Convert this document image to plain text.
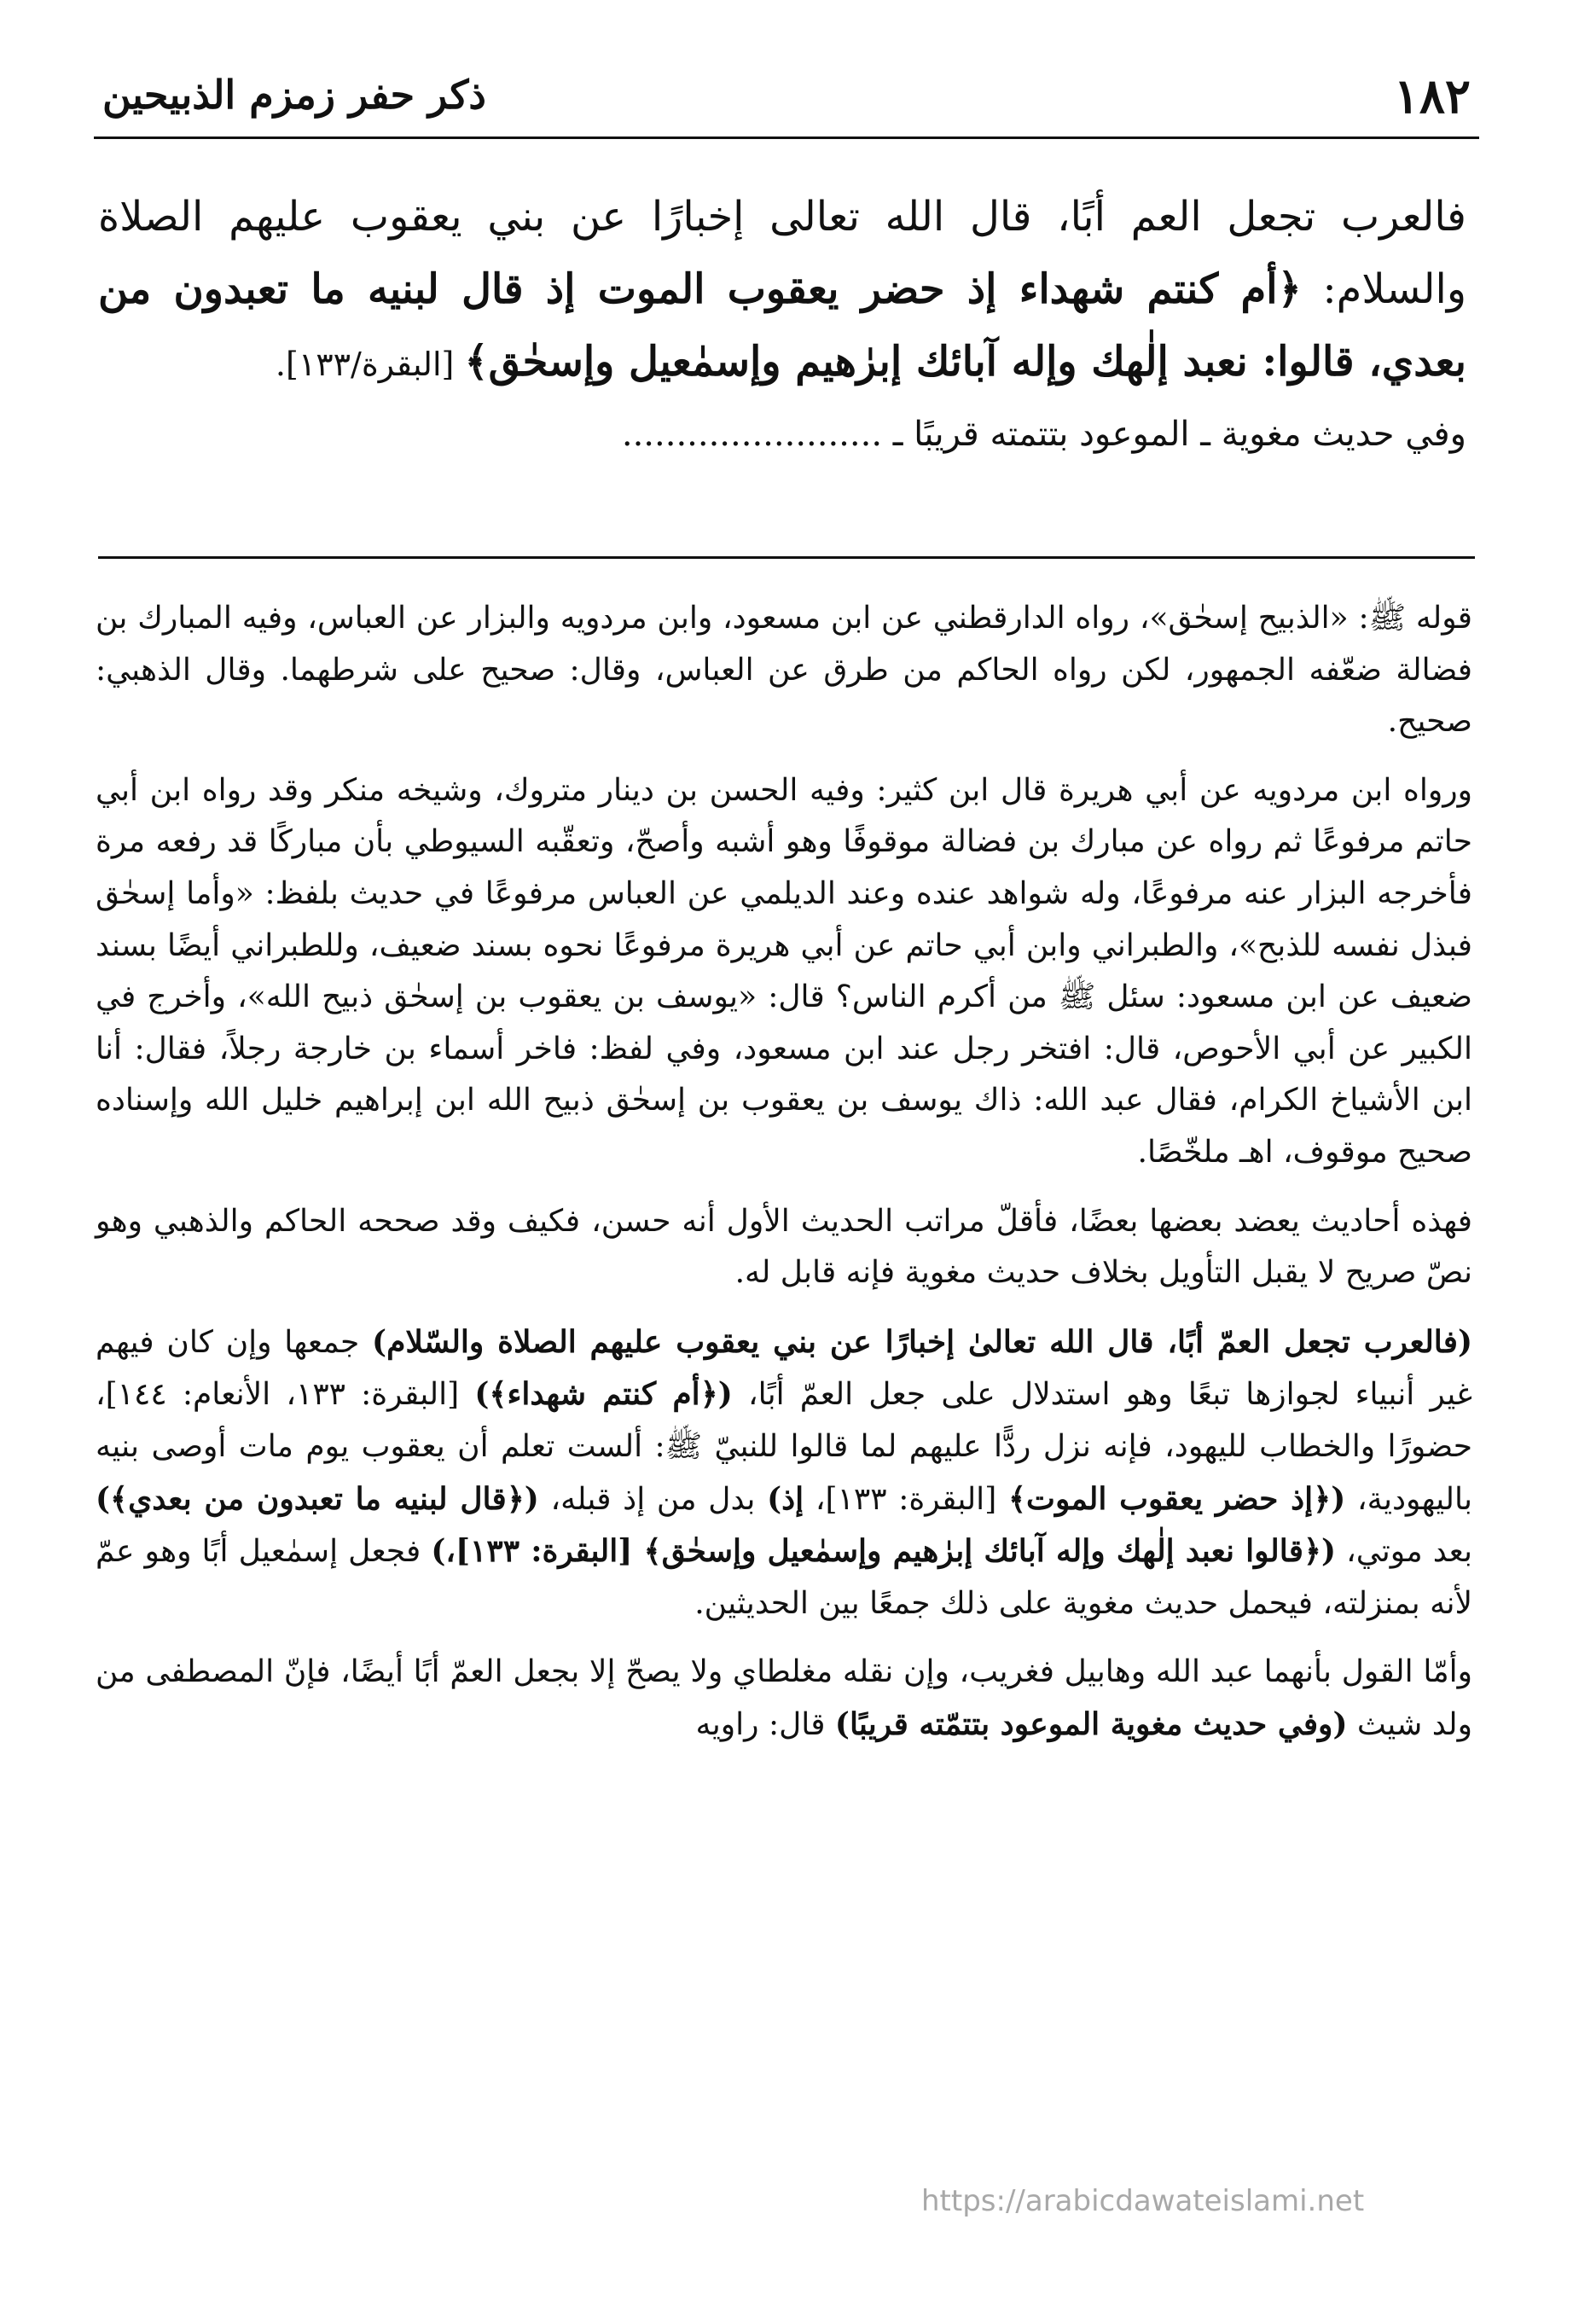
١٨٢
ذكر حفر زمزم الذبيحين

فالعرب تجعل العم أبًا، قال الله تعالى إخبارًا عن بني يعقوب عليهم الصلاة والسلام: ﴿أم كنتم شهداء إذ حضر يعقوب الموت إذ قال لبنيه ما تعبدون من بعدي، قالوا: نعبد إلٰهك وإله آبائك إبرٰهيم وإسمٰعيل وإسحٰق﴾ [البقرة/١٣٣].

وفي حديث مغوية ـ الموعود بتتمته قريبًا ـ ........................

قوله ﷺ: «الذبيح إسحٰق»، رواه الدارقطني عن ابن مسعود، وابن مردويه والبزار عن العباس، وفيه المبارك بن فضالة ضعّفه الجمهور، لكن رواه الحاكم من طرق عن العباس، وقال: صحيح على شرطهما. وقال الذهبي: صحيح.

ورواه ابن مردويه عن أبي هريرة قال ابن كثير: وفيه الحسن بن دينار متروك، وشيخه منكر وقد رواه ابن أبي حاتم مرفوعًا ثم رواه عن مبارك بن فضالة موقوفًا وهو أشبه وأصحّ، وتعقّبه السيوطي بأن مباركًا قد رفعه مرة فأخرجه البزار عنه مرفوعًا، وله شواهد عنده وعند الديلمي عن العباس مرفوعًا في حديث بلفظ: «وأما إسحٰق فبذل نفسه للذبح»، والطبراني وابن أبي حاتم عن أبي هريرة مرفوعًا نحوه بسند ضعيف، وللطبراني أيضًا بسند ضعيف عن ابن مسعود: سئل ﷺ من أكرم الناس؟ قال: «يوسف بن يعقوب بن إسحٰق ذبيح الله»، وأخرج في الكبير عن أبي الأحوص، قال: افتخر رجل عند ابن مسعود، وفي لفظ: فاخر أسماء بن خارجة رجلاً، فقال: أنا ابن الأشياخ الكرام، فقال عبد الله: ذاك يوسف بن يعقوب بن إسحٰق ذبيح الله ابن إبراهيم خليل الله وإسناده صحيح موقوف، اهـ ملخّصًا.

فهذه أحاديث يعضد بعضها بعضًا، فأقلّ مراتب الحديث الأول أنه حسن، فكيف وقد صححه الحاكم والذهبي وهو نصّ صريح لا يقبل التأويل بخلاف حديث مغوية فإنه قابل له.

(فالعرب تجعل العمّ أبًا، قال الله تعالىٰ إخبارًا عن بني يعقوب عليهم الصلاة والسّلام) جمعها وإن كان فيهم غير أنبياء لجوازها تبعًا وهو استدلال على جعل العمّ أبًا، (﴿أم كنتم شهداء﴾) [البقرة: ١٣٣، الأنعام: ١٤٤]، حضورًا والخطاب لليهود، فإنه نزل ردًّا عليهم لما قالوا للنبيّ ﷺ: ألست تعلم أن يعقوب يوم مات أوصى بنيه باليهودية، (﴿إذ حضر يعقوب الموت﴾ [البقرة: ١٣٣]، إذ) بدل من إذ قبله، (﴿قال لبنيه ما تعبدون من بعدي﴾) بعد موتي، (﴿قالوا نعبد إلٰهك وإله آبائك إبرٰهيم وإسمٰعيل وإسحٰق﴾ [البقرة: ١٣٣]،) فجعل إسمٰعيل أبًا وهو عمّ لأنه بمنزلته، فيحمل حديث مغوية على ذلك جمعًا بين الحديثين.

وأمّا القول بأنهما عبد الله وهابيل فغريب، وإن نقله مغلطاي ولا يصحّ إلا بجعل العمّ أبًا أيضًا، فإنّ المصطفى من ولد شيث (وفي حديث مغوية الموعود بتتمّته قريبًا) قال: راويه

https://arabicdawateislami.net
